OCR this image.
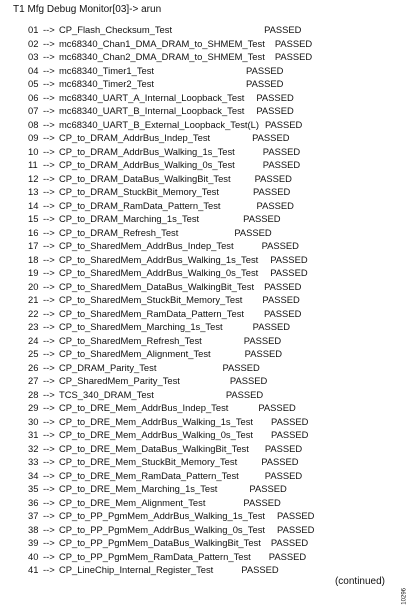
T1 Mfg Debug Monitor[03]-> arun
01 --> CP_Flash_Checksum_Test	PASSED
02 --> mc68340_Chan1_DMA_DRAM_to_SHMEM_Test PASSED
03 --> mc68340_Chan2_DMA_DRAM_to_SHMEM_Test PASSED
04 --> mc68340_Timer1_Test	PASSED
05 --> mc68340_Timer2_Test	PASSED
06 --> mc68340_UART_A_Internal_Loopback_Test PASSED
07 --> mc68340_UART_B_Internal_Loopback_Test PASSED
08 --> mc68340_UART_B_External_Loopback_Test(L) PASSED
09 --> CP_to_DRAM_AddrBus_Indep_Test	PASSED
10 --> CP_to_DRAM_AddrBus_Walking_1s_Test	PASSED
11 --> CP_to_DRAM_AddrBus_Walking_0s_Test	PASSED
12 --> CP_to_DRAM_DataBus_WalkingBit_Test	PASSED
13 --> CP_to_DRAM_StuckBit_Memory_Test	PASSED
14 --> CP_to_DRAM_RamData_Pattern_Test	PASSED
15 --> CP_to_DRAM_Marching_1s_Test	PASSED
16 --> CP_to_DRAM_Refresh_Test	PASSED
17 --> CP_to_SharedMem_AddrBus_Indep_Test	PASSED
18 --> CP_to_SharedMem_AddrBus_Walking_1s_Test PASSED
19 --> CP_to_SharedMem_AddrBus_Walking_0s_Test PASSED
20 --> CP_to_SharedMem_DataBus_WalkingBit_Test PASSED
21 --> CP_to_SharedMem_StuckBit_Memory_Test PASSED
22 --> CP_to_SharedMem_RamData_Pattern_Test PASSED
23 --> CP_to_SharedMem_Marching_1s_Test	PASSED
24 --> CP_to_SharedMem_Refresh_Test	PASSED
25 --> CP_to_SharedMem_Alignment_Test	PASSED
26 --> CP_DRAM_Parity_Test	PASSED
27 --> CP_SharedMem_Parity_Test	PASSED
28 --> TCS_340_DRAM_Test	PASSED
29 --> CP_to_DRE_Mem_AddrBus_Indep_Test	PASSED
30 --> CP_to_DRE_Mem_AddrBus_Walking_1s_Test PASSED
31 --> CP_to_DRE_Mem_AddrBus_Walking_0s_Test PASSED
32 --> CP_to_DRE_Mem_DataBus_WalkingBit_Test PASSED
33 --> CP_to_DRE_Mem_StuckBit_Memory_Test	PASSED
34 --> CP_to_DRE_Mem_RamData_Pattern_Test	PASSED
35 --> CP_to_DRE_Mem_Marching_1s_Test	PASSED
36 --> CP_to_DRE_Mem_Alignment_Test	PASSED
37 --> CP_to_PP_PgmMem_AddrBus_Walking_1s_Test PASSED
38 --> CP_to_PP_PgmMem_AddrBus_Walking_0s_Test PASSED
39 --> CP_to_PP_PgmMem_DataBus_WalkingBit_Test PASSED
40 --> CP_to_PP_PgmMem_RamData_Pattern_Test PASSED
41 --> CP_LineChip_Internal_Register_Test	PASSED
(continued)
10296
